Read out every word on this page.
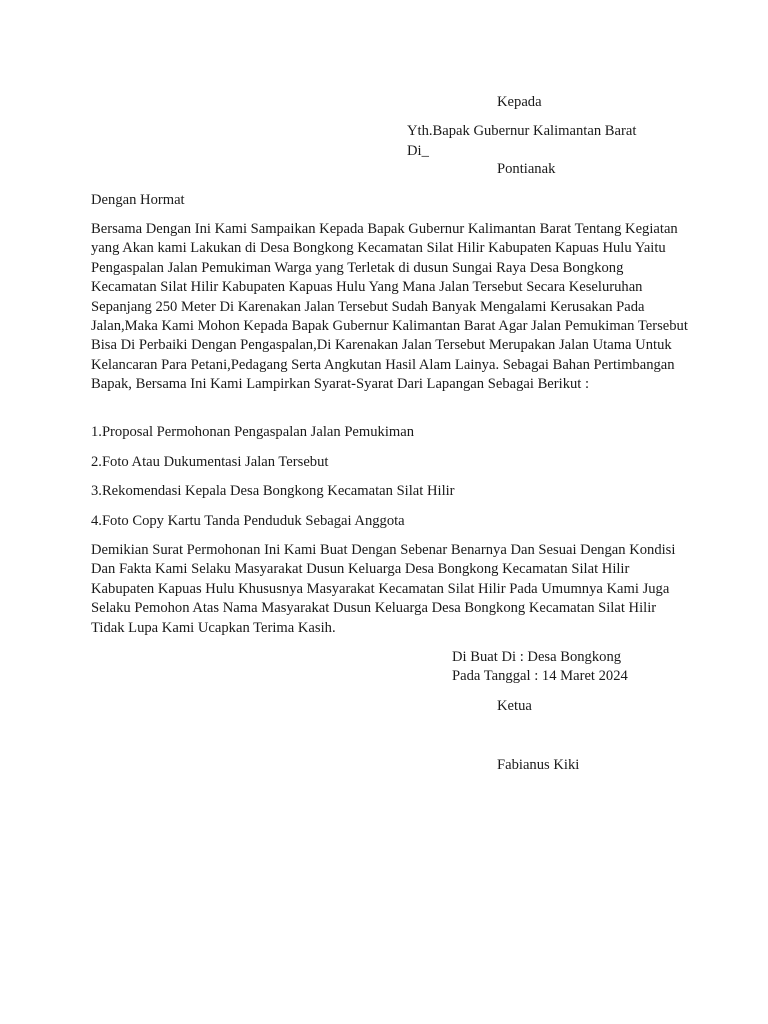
Kepada
Yth.Bapak Gubernur Kalimantan Barat
Di_
Pontianak
Dengan Hormat
Bersama Dengan Ini Kami Sampaikan Kepada Bapak Gubernur Kalimantan Barat Tentang Kegiatan yang Akan kami Lakukan di Desa Bongkong Kecamatan Silat Hilir Kabupaten Kapuas Hulu Yaitu Pengaspalan Jalan Pemukiman Warga yang Terletak di dusun Sungai Raya Desa Bongkong Kecamatan Silat Hilir Kabupaten Kapuas Hulu Yang Mana Jalan Tersebut Secara Keseluruhan Sepanjang 250 Meter Di Karenakan Jalan Tersebut Sudah Banyak Mengalami Kerusakan Pada Jalan,Maka Kami Mohon Kepada Bapak Gubernur Kalimantan Barat Agar Jalan Pemukiman Tersebut Bisa Di Perbaiki Dengan Pengaspalan,Di Karenakan Jalan Tersebut Merupakan Jalan Utama Untuk Kelancaran Para Petani,Pedagang Serta Angkutan Hasil Alam Lainya. Sebagai Bahan Pertimbangan Bapak, Bersama Ini Kami Lampirkan Syarat-Syarat Dari Lapangan Sebagai Berikut :
1.Proposal Permohonan Pengaspalan Jalan Pemukiman
2.Foto Atau Dukumentasi Jalan Tersebut
3.Rekomendasi Kepala Desa Bongkong Kecamatan Silat Hilir
4.Foto Copy Kartu Tanda Penduduk Sebagai Anggota
Demikian Surat Permohonan Ini Kami Buat Dengan Sebenar Benarnya Dan Sesuai Dengan Kondisi Dan Fakta Kami Selaku Masyarakat Dusun Keluarga Desa Bongkong Kecamatan Silat Hilir Kabupaten Kapuas Hulu Khususnya Masyarakat Kecamatan Silat Hilir Pada Umumnya Kami Juga Selaku Pemohon Atas Nama Masyarakat Dusun Keluarga Desa Bongkong Kecamatan Silat Hilir Tidak Lupa Kami Ucapkan Terima Kasih.
Di Buat Di : Desa Bongkong
Pada Tanggal : 14 Maret 2024
Ketua
Fabianus Kiki
